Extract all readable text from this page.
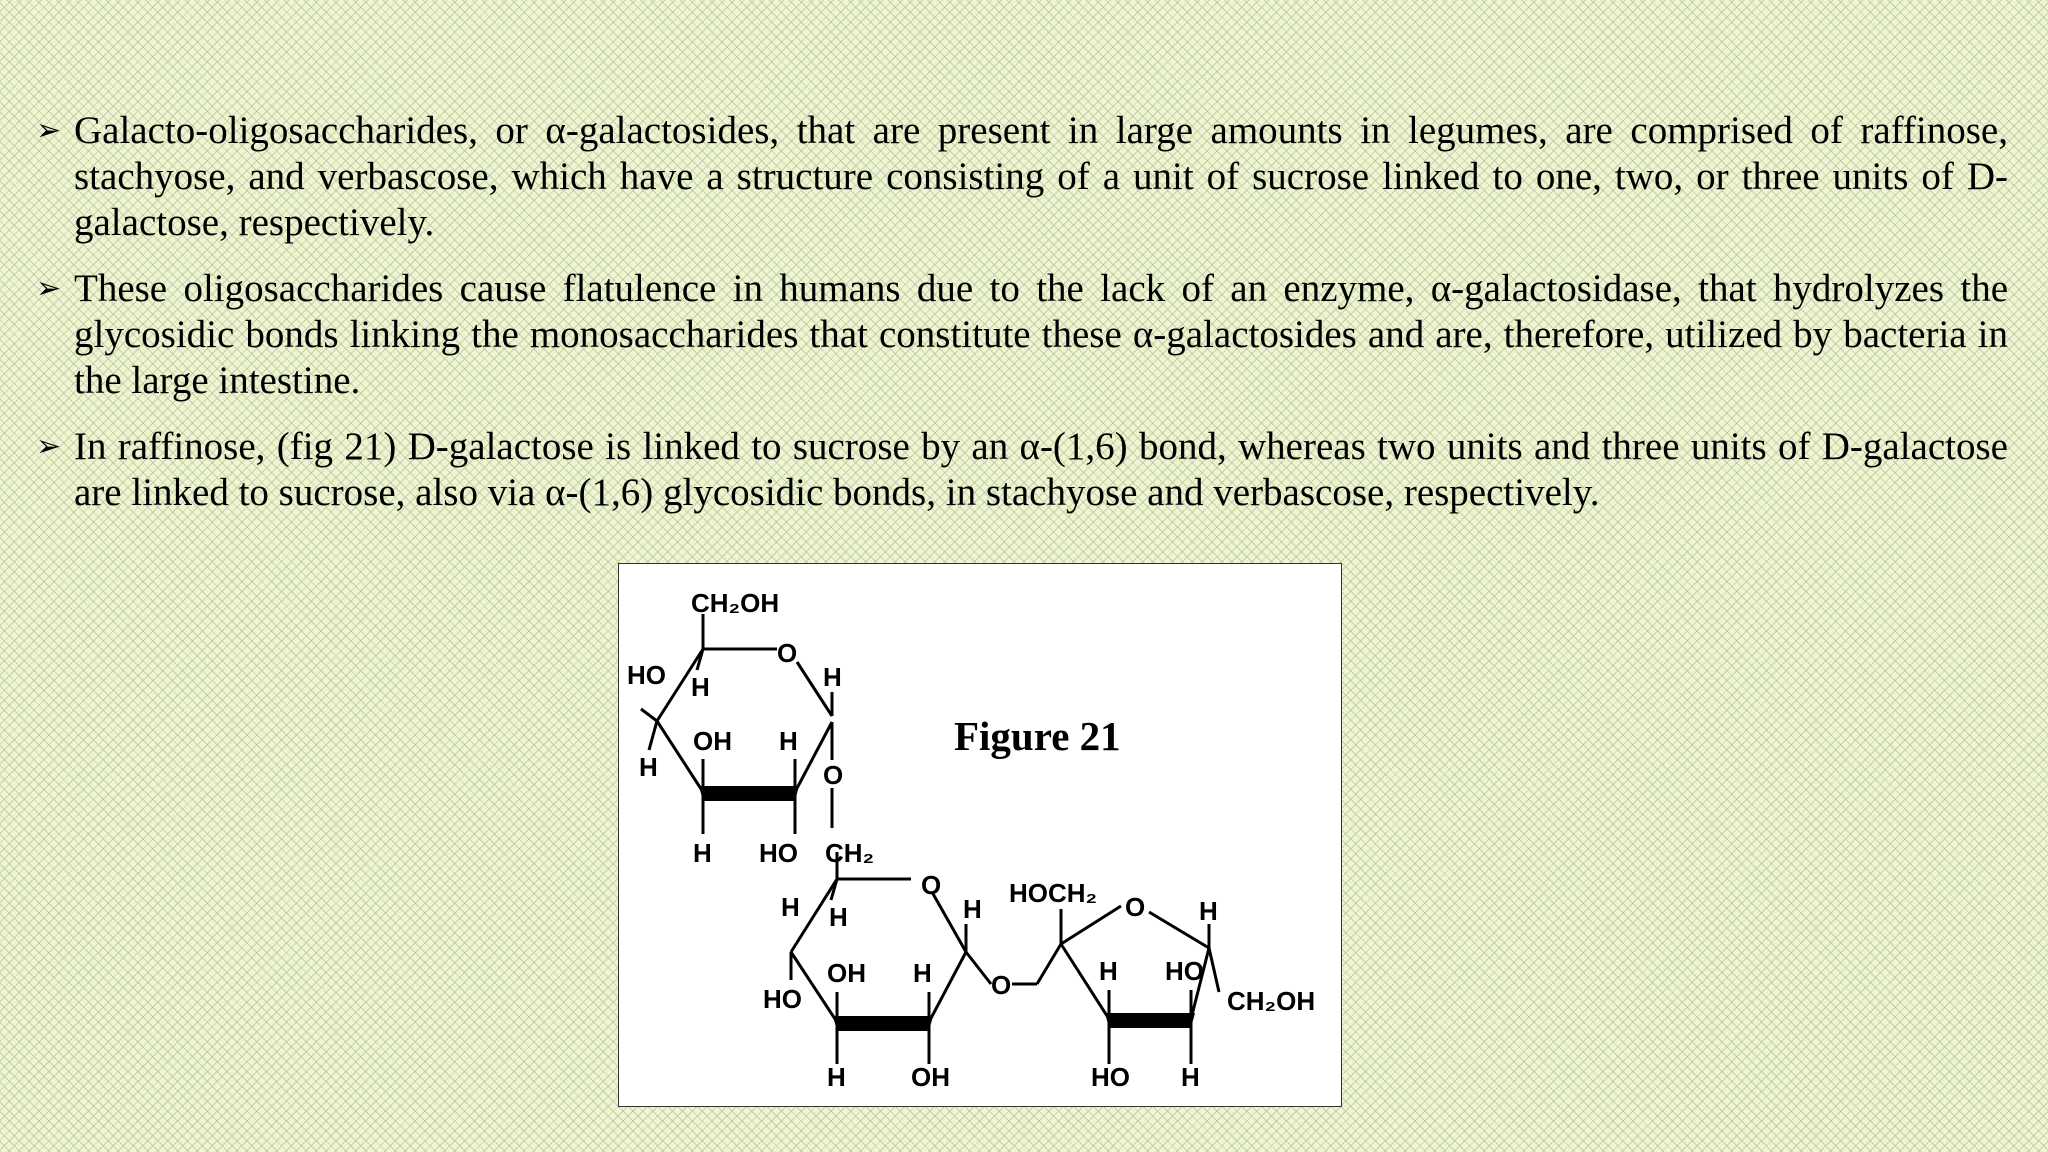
➢ Galacto-oligosaccharides, or α-galactosides, that are present in large amounts in legumes, are comprised of raffinose, stachyose, and verbascose, which have a structure consisting of a unit of sucrose linked to one, two, or three units of D-galactose, respectively.
➢ These oligosaccharides cause flatulence in humans due to the lack of an enzyme, α-galactosidase, that hydrolyzes the glycosidic bonds linking the monosaccharides that constitute these α-galactosides and are, therefore, utilized by bacteria in the large intestine.
➢ In raffinose, (fig 21) D-galactose is linked to sucrose by an α-(1,6) bond, whereas two units and three units of D-galactose are linked to sucrose, also via α-(1,6) glycosidic bonds, in stachyose and verbascose, respectively.
CH₂OH
O
HO H	H
OH H
H	O
H HO CH₂
O
H H	H
OH H
HO	O
H	OH
HOCH₂ O H
H HO
CH₂OH
HO H
Figure 21
